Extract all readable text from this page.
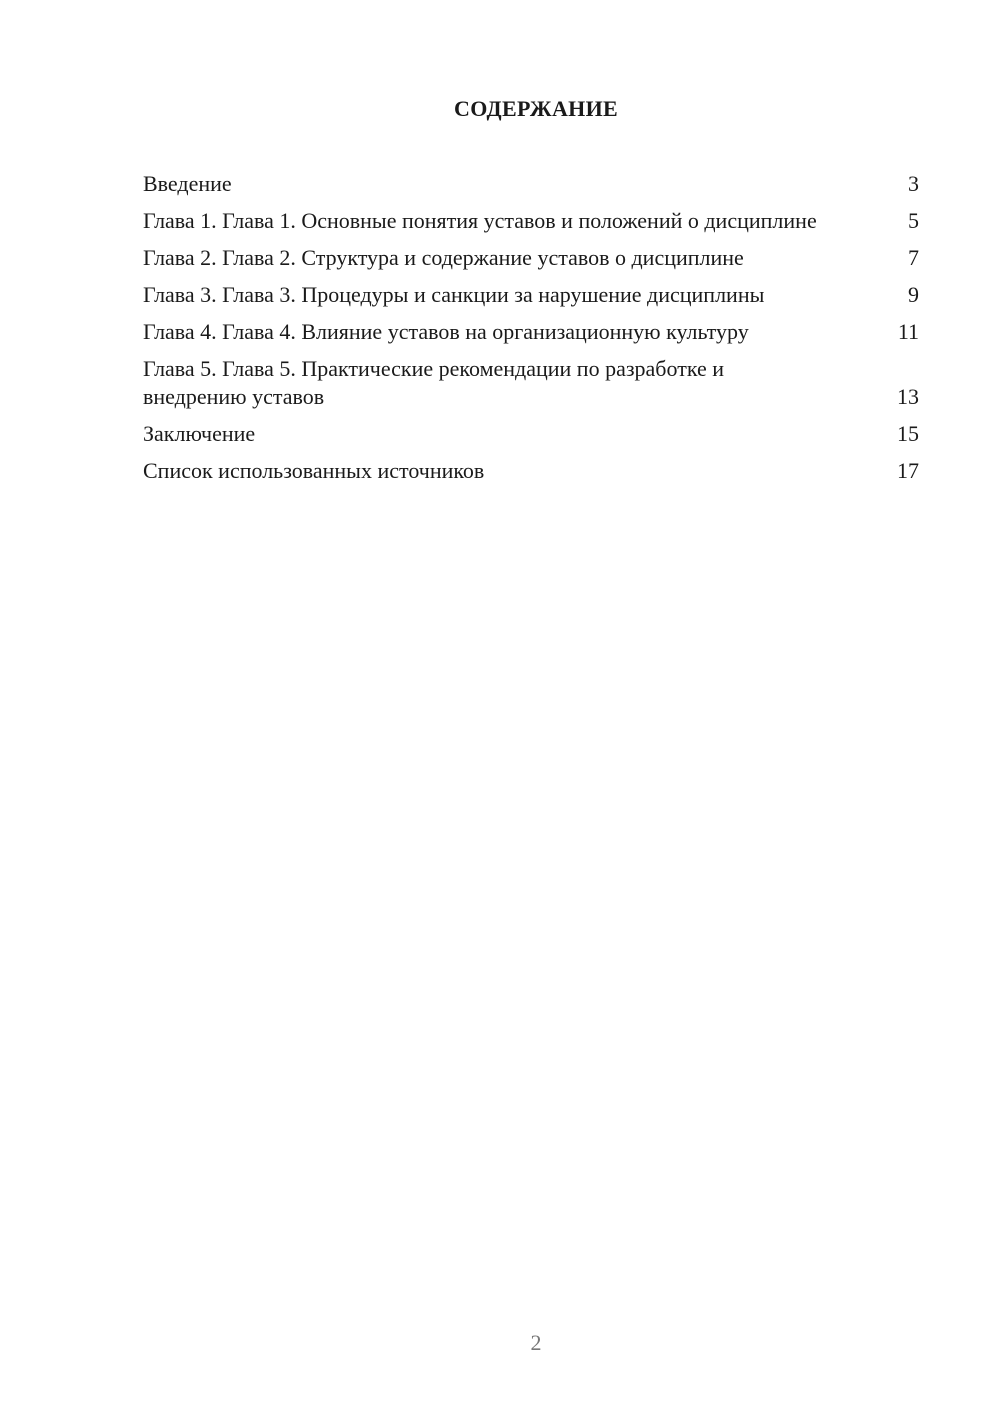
СОДЕРЖАНИЕ
Введение	3
Глава 1. Глава 1. Основные понятия уставов и положений о дисциплине	5
Глава 2. Глава 2. Структура и содержание уставов о дисциплине	7
Глава 3. Глава 3. Процедуры и санкции за нарушение дисциплины	9
Глава 4. Глава 4. Влияние уставов на организационную культуру	11
Глава 5. Глава 5. Практические рекомендации по разработке и внедрению уставов	13
Заключение	15
Список использованных источников	17
2
